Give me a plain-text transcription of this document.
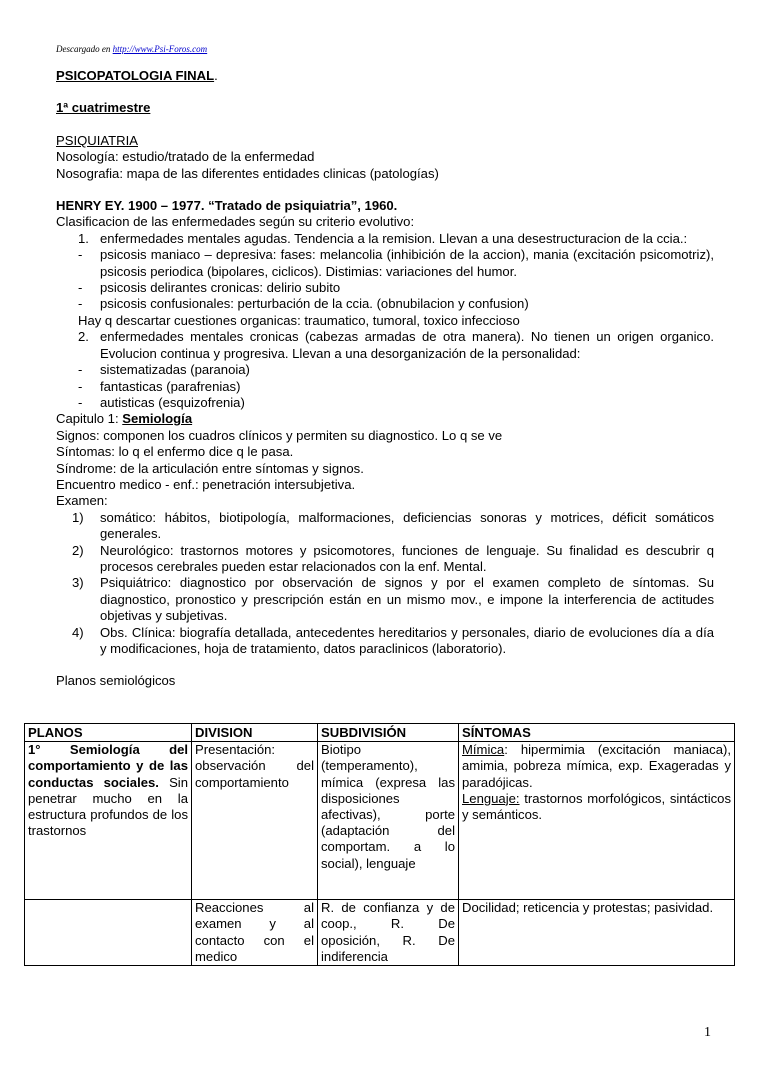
Descargado en http://www.Psi-Foros.com

PSICOPATOLOGIA FINAL.

1ª cuatrimestre

PSIQUIATRIA

Nosología: estudio/tratado de la enfermedad

Nosografia: mapa de las diferentes entidades clinicas (patologías)

HENRY EY. 1900 – 1977. “Tratado de psiquiatria”, 1960.

Clasificacion de las enfermedades según su criterio evolutivo:

1. enfermedades mentales agudas. Tendencia a la remision. Llevan a una desestructuracion de la ccia.:
- psicosis maniaco – depresiva: fases: melancolia (inhibición de la accion), mania (excitación psicomotriz), psicosis periodica (bipolares, ciclicos). Distimias: variaciones del humor.
- psicosis delirantes cronicas: delirio subito
- psicosis confusionales: perturbación de la ccia. (obnubilacion y confusion)

Hay q descartar cuestiones organicas: traumatico, tumoral, toxico infeccioso

2. enfermedades mentales cronicas (cabezas armadas de otra manera). No tienen un origen organico. Evolucion continua y progresiva. Llevan a una desorganización de la personalidad:
- sistematizadas (paranoia)
- fantasticas (parafrenias)
- autisticas (esquizofrenia)

Capitulo 1: Semiología

Signos: componen los cuadros clínicos y permiten su diagnostico. Lo q se ve

Síntomas: lo q el enfermo dice q le pasa.

Síndrome: de la articulación entre síntomas y signos.

Encuentro medico - enf.: penetración intersubjetiva.

Examen:

1) somático: hábitos, biotipología, malformaciones, deficiencias sonoras y motrices, déficit somáticos generales.
2) Neurológico: trastornos motores y psicomotores, funciones de lenguaje. Su finalidad es descubrir q procesos cerebrales pueden estar relacionados con la enf. Mental.
3) Psiquiátrico: diagnostico por observación de signos y por el examen completo de síntomas. Su diagnostico, pronostico y prescripción están en un mismo mov., e impone la interferencia de actitudes objetivas y subjetivas.
4) Obs. Clínica: biografía detallada, antecedentes hereditarios y personales, diario de evoluciones día a día y modificaciones, hoja de tratamiento, datos paraclinicos (laboratorio).

Planos semiológicos

PLANOS	DIVISION	SUBDIVISIÓN	SÍNTOMAS
1° Semiología del comportamiento y de las conductas sociales. Sin penetrar mucho en la estructura profundos de los trastornos	Presentación: observación del comportamiento	Biotipo (temperamento), mímica (expresa las disposiciones afectivas), porte (adaptación del comportam. a lo social), lenguaje	Mímica: hipermimia (excitación maniaca), amimia, pobreza mímica, exp. Exageradas y paradójicas.
Lenguaje: trastornos morfológicos, sintácticos y semánticos.
	Reacciones al examen y al contacto con el medico	R. de confianza y de coop., R. De oposición, R. De indiferencia	Docilidad; reticencia y protestas; pasividad.
1
